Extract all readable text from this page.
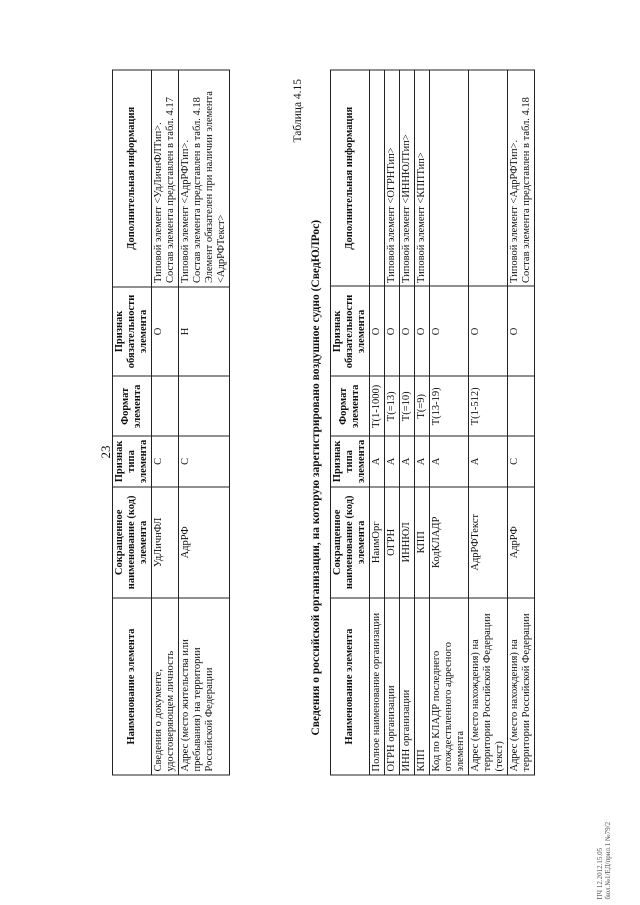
23
Наименование элемента	Сокращенное наименование (код) элемента	Признак типа элемента	Формат элемента	Признак обязательности элемента	Дополнительная информация
Сведения о документе, удостоверяющем личность	УдЛичнФЛ	С		О	Типовой элемент <УдЛичнФЛТип>. Состав элемента представлен в табл. 4.17

Адрес (место жительства или пребывания) на территории Российской Федерации	АдрРФ	С		Н	Типовой элемент <АдрРФТип>. Состав элемента представлен в табл. 4.18 Элемент обязателен при наличии элемента <АдрРФТекст>
Таблица 4.15
Сведения о российской организации, на которую зарегистрировано воздушное судно (СведЮЛРос) Наименование элемента	Сокращенное наименование (код) элемента	Признак типа элемента	Формат элемента	Признак обязательности элемента	Дополнительная информация
Полное наименование организации	НаимОрг	А	T(1-1000)	О	

ОГРН организации	ОГРН	А	T(=13)	О	Типовой элемент <ОГРНТип>

ИНН организации	ИННЮЛ	А	T(=10)	О	Типовой элемент <ИННЮЛТип>

КПП	КПП	А	T(=9)	О	Типовой элемент <КППТип>

Код по КЛАДР последнего отождествленного адресного элемента	КодКЛАДР	А	T(13-19)	О	

Адрес (место нахождения) на территории Российской Федерации (текст)	АдрРФТекст	А	T(1-512)	О	

Адрес (место нахождения) на территории Российской Федерации	АдрРФ	С		О	Типовой элемент <АдрРФТип>. Состав элемента представлен в табл. 4.18
ПЧ 12.2012.15.05 бюл.№1/ЕД/прил.1 №79/2
